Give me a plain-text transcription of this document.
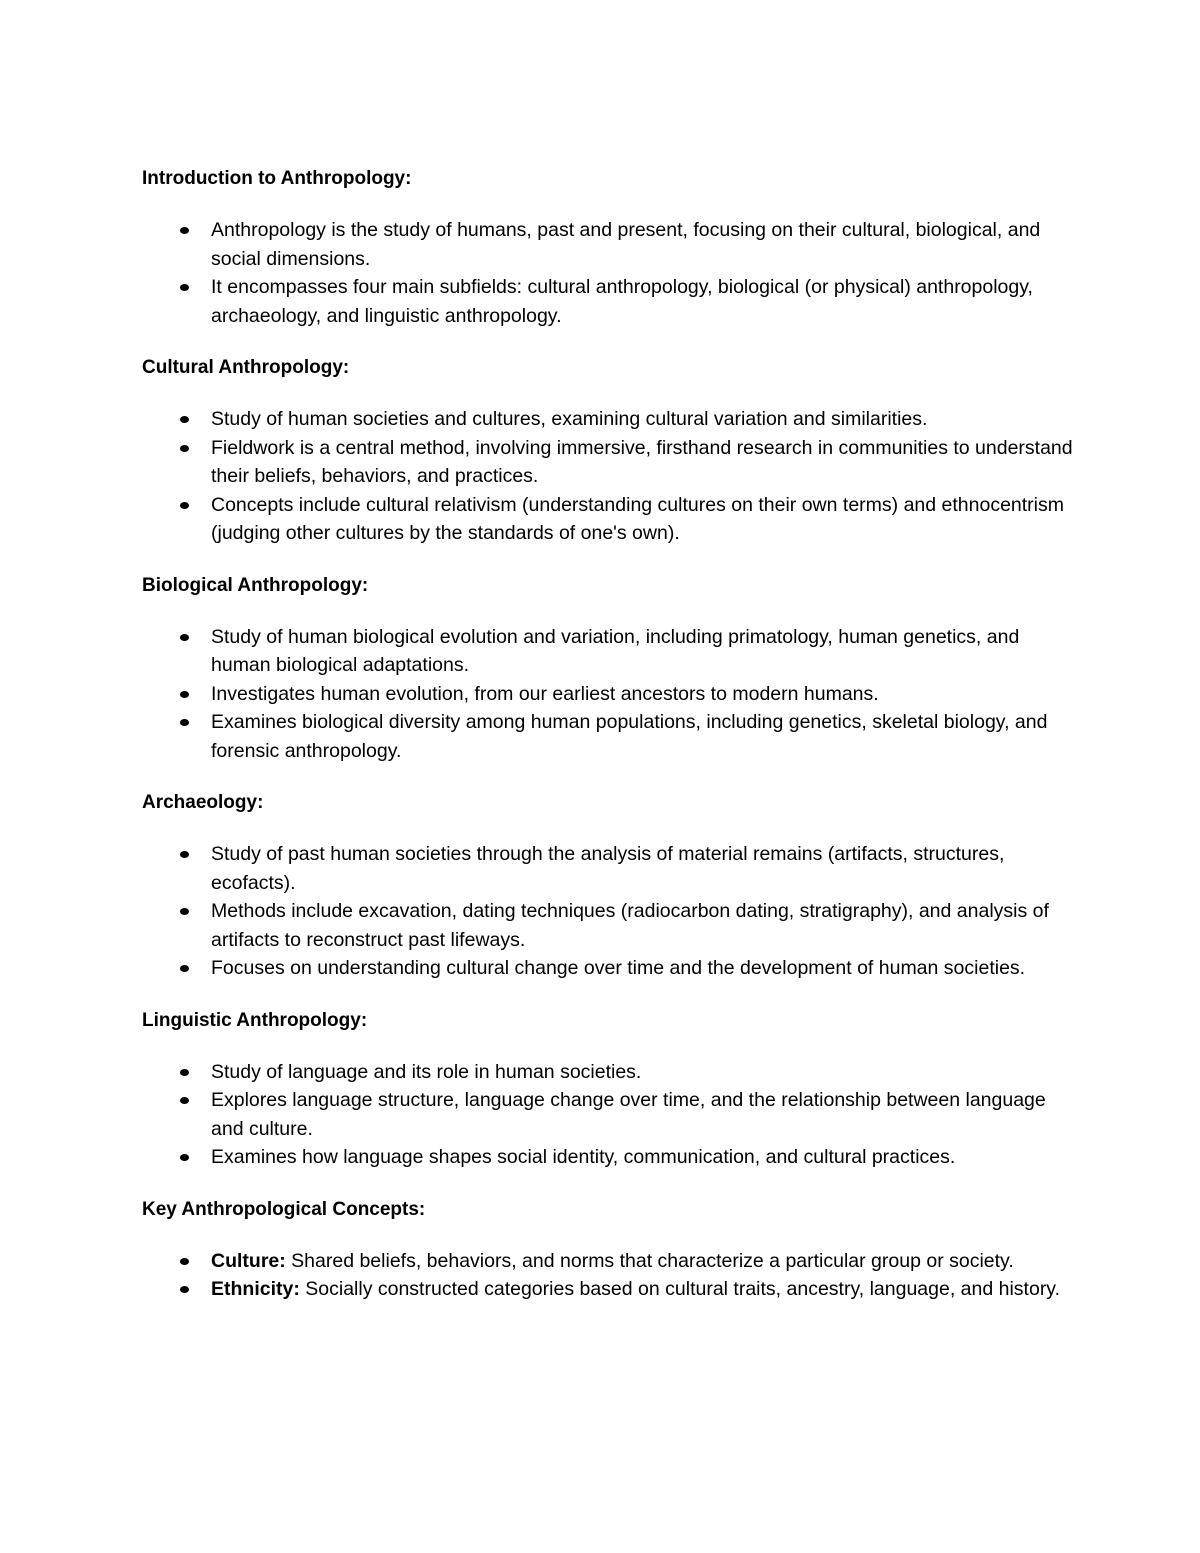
Introduction to Anthropology:

Anthropology is the study of humans, past and present, focusing on their cultural, biological, and social dimensions.
It encompasses four main subfields: cultural anthropology, biological (or physical) anthropology, archaeology, and linguistic anthropology.

Cultural Anthropology:

Study of human societies and cultures, examining cultural variation and similarities.
Fieldwork is a central method, involving immersive, firsthand research in communities to understand their beliefs, behaviors, and practices.
Concepts include cultural relativism (understanding cultures on their own terms) and ethnocentrism (judging other cultures by the standards of one's own).

Biological Anthropology:

Study of human biological evolution and variation, including primatology, human genetics, and human biological adaptations.
Investigates human evolution, from our earliest ancestors to modern humans.
Examines biological diversity among human populations, including genetics, skeletal biology, and forensic anthropology.

Archaeology:

Study of past human societies through the analysis of material remains (artifacts, structures, ecofacts).
Methods include excavation, dating techniques (radiocarbon dating, stratigraphy), and analysis of artifacts to reconstruct past lifeways.
Focuses on understanding cultural change over time and the development of human societies.

Linguistic Anthropology:

Study of language and its role in human societies.
Explores language structure, language change over time, and the relationship between language and culture.
Examines how language shapes social identity, communication, and cultural practices.

Key Anthropological Concepts:

Culture: Shared beliefs, behaviors, and norms that characterize a particular group or society.
Ethnicity: Socially constructed categories based on cultural traits, ancestry, language, and history.
